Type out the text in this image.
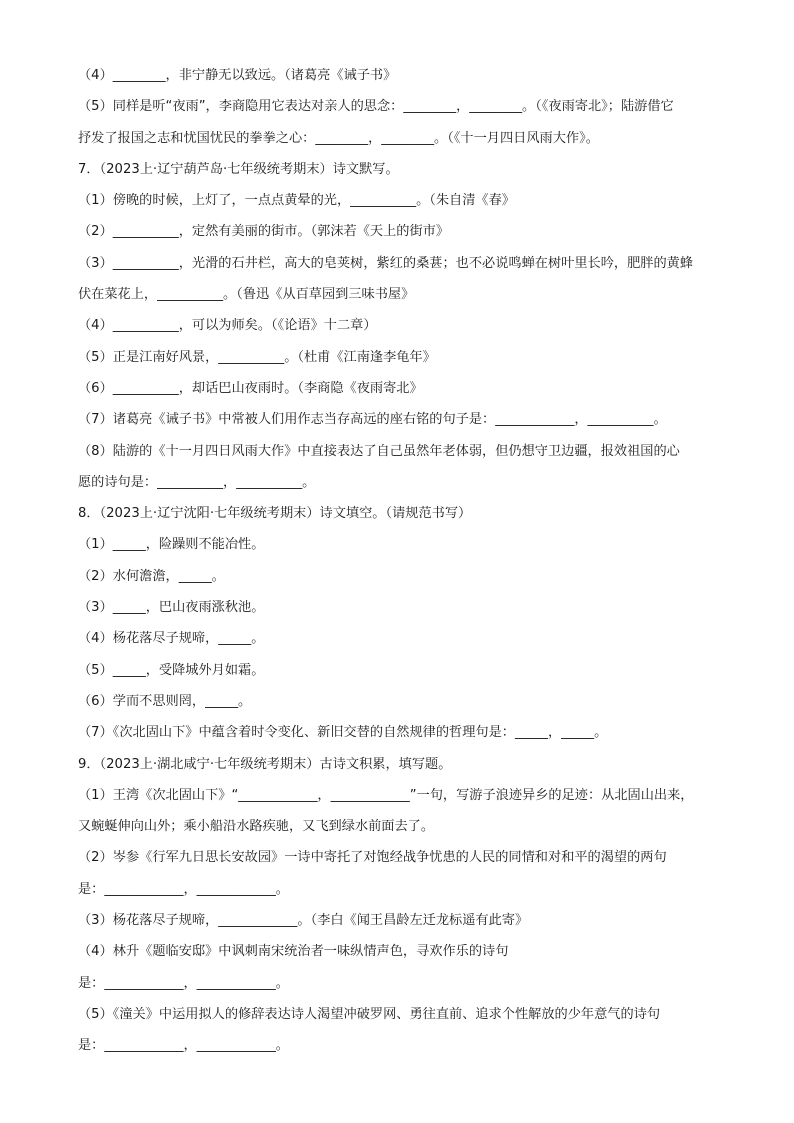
（4）________，非宁静无以致远。（诸葛亮《诫子书》
（5）同样是听“夜雨”，李商隐用它表达对亲人的思念：________，________。（《夜雨寄北》；陆游借它
抒发了报国之志和忧国忧民的拳拳之心：________，________。（《十一月四日风雨大作》。
7．（2023上·辽宁葫芦岛·七年级统考期末）诗文默写。
（1）傍晚的时候，上灯了，一点点黄晕的光，__________。（朱自清《春》
（2）__________，定然有美丽的街市。（郭沫若《天上的街市》
（3）__________，光滑的石井栏，高大的皂荚树，紫红的桑葚；也不必说鸣蝉在树叶里长吟，肥胖的黄蜂
伏在菜花上，__________。（鲁迅《从百草园到三味书屋》
（4）__________，可以为师矣。（《论语》十二章）
（5）正是江南好风景，__________。（杜甫《江南逢李龟年》
（6）__________，却话巴山夜雨时。（李商隐《夜雨寄北》
（7）诸葛亮《诫子书》中常被人们用作志当存高远的座右铭的句子是：____________，__________。
（8）陆游的《十一月四日风雨大作》中直接表达了自己虽然年老体弱，但仍想守卫边疆，报效祖国的心
愿的诗句是：__________，__________。
8．（2023上·辽宁沈阳·七年级统考期末）诗文填空。（请规范书写）
（1）_____，险躁则不能冶性。
（2）水何澹澹，_____。
（3）_____，巴山夜雨涨秋池。
（4）杨花落尽子规啼，_____。
（5）_____，受降城外月如霜。
（6）学而不思则罔，_____。
（7）《次北固山下》中蕴含着时令变化、新旧交替的自然规律的哲理句是：_____，_____。
9．（2023上·湖北咸宁·七年级统考期末）古诗文积累，填写题。
（1）王湾《次北固山下》“____________，____________”一句，写游子浪迹异乡的足迹：从北固山出来，
又蜿蜒伸向山外；乘小船沿水路疾驰，又飞到绿水前面去了。
（2）岑参《行军九日思长安故园》一诗中寄托了对饱经战争忧患的人民的同情和对和平的渴望的两句
是：____________，____________。
（3）杨花落尽子规啼，____________。（李白《闻王昌龄左迁龙标遥有此寄》
（4）林升《题临安邸》中讽刺南宋统治者一味纵情声色，寻欢作乐的诗句
是：____________，____________。
（5）《潼关》中运用拟人的修辞表达诗人渴望冲破罗网、勇往直前、追求个性解放的少年意气的诗句
是：____________，____________。
